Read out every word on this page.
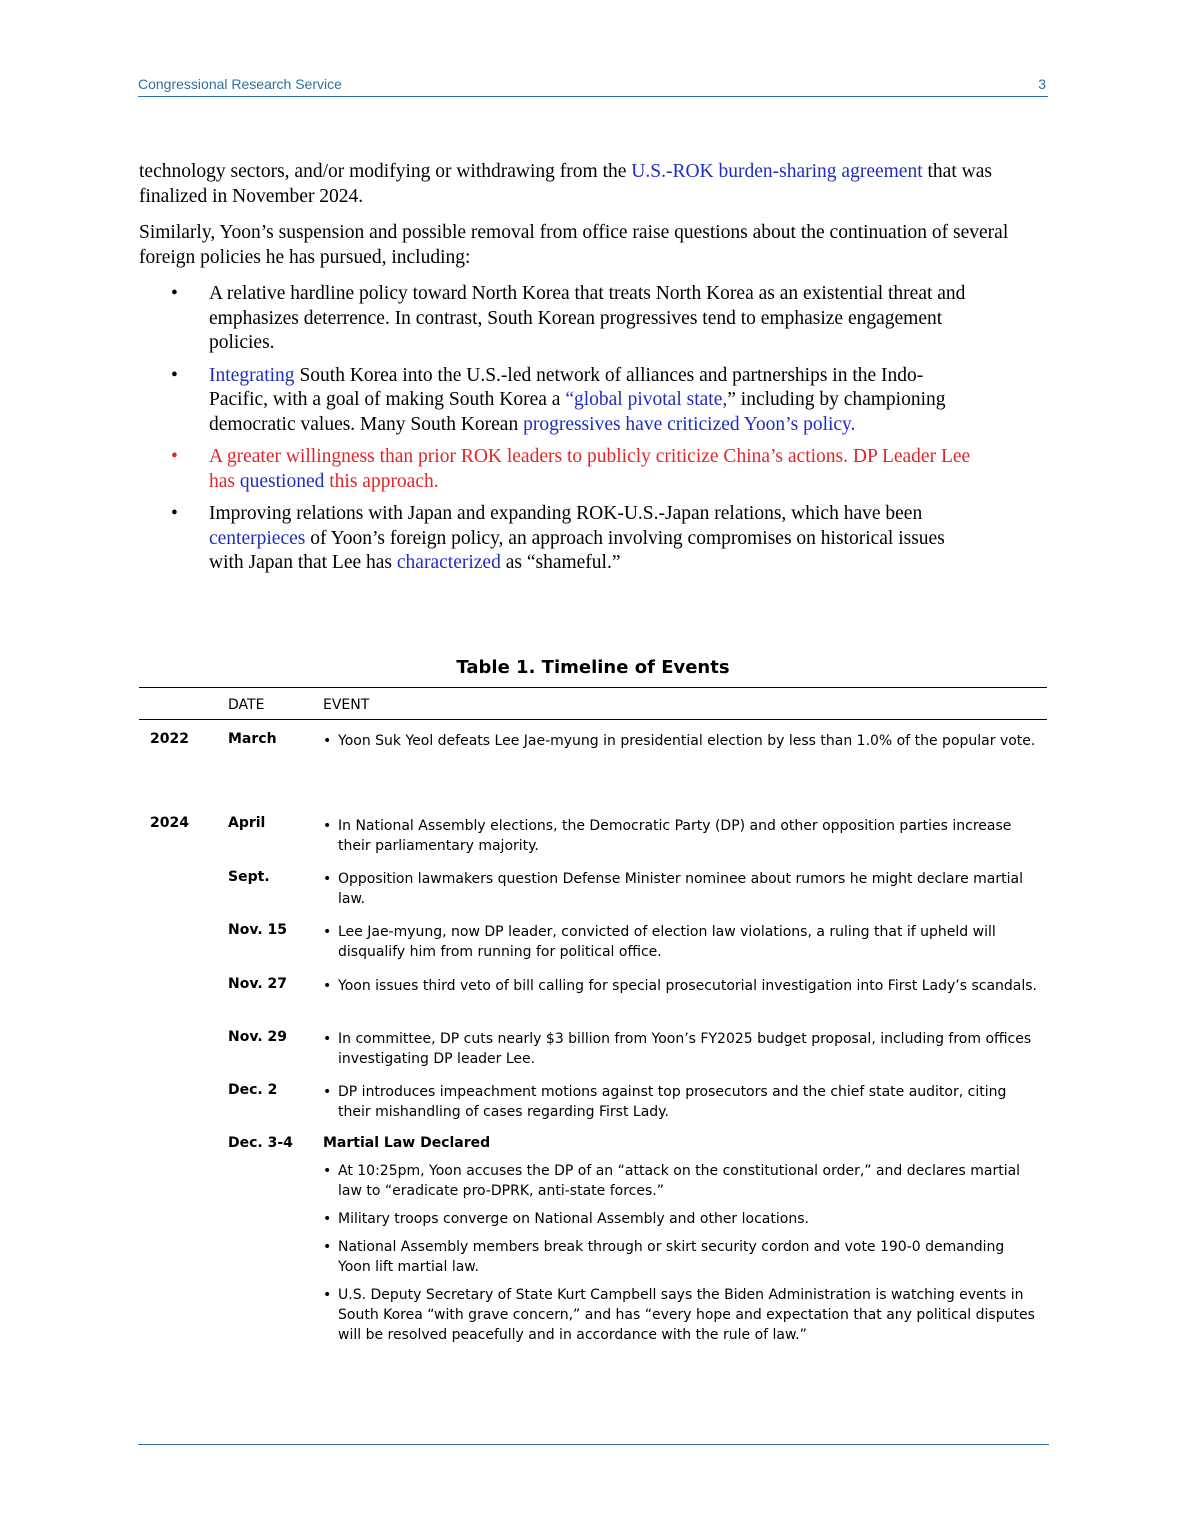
Congressional Research Service	3

technology sectors, and/or modifying or withdrawing from the U.S.-ROK burden-sharing agreement that was finalized in November 2024.

Similarly, Yoon’s suspension and possible removal from office raise questions about the continuation of several foreign policies he has pursued, including:

• A relative hardline policy toward North Korea that treats North Korea as an existential threat and emphasizes deterrence. In contrast, South Korean progressives tend to emphasize engagement policies.
• Integrating South Korea into the U.S.-led network of alliances and partnerships in the Indo-Pacific, with a goal of making South Korea a “global pivotal state,” including by championing democratic values. Many South Korean progressives have criticized Yoon’s policy.
• A greater willingness than prior ROK leaders to publicly criticize China’s actions. DP Leader Lee has questioned this approach.
• Improving relations with Japan and expanding ROK-U.S.-Japan relations, which have been centerpieces of Yoon’s foreign policy, an approach involving compromises on historical issues with Japan that Lee has characterized as “shameful.”
Table 1. Timeline of Events
DATE	EVENT
2022	March	• Yoon Suk Yeol defeats Lee Jae-myung in presidential election by less than 1.0% of the popular vote.
2024	April	• In National Assembly elections, the Democratic Party (DP) and other opposition parties increase their parliamentary majority.
Sept.	• Opposition lawmakers question Defense Minister nominee about rumors he might declare martial law.
Nov. 15	• Lee Jae-myung, now DP leader, convicted of election law violations, a ruling that if upheld will disqualify him from running for political office.
Nov. 27	• Yoon issues third veto of bill calling for special prosecutorial investigation into First Lady’s scandals.
Nov. 29	• In committee, DP cuts nearly $3 billion from Yoon’s FY2025 budget proposal, including from offices investigating DP leader Lee.
Dec. 2	• DP introduces impeachment motions against top prosecutors and the chief state auditor, citing their mishandling of cases regarding First Lady.
Dec. 3-4 Martial Law Declared
• At 10:25pm, Yoon accuses the DP of an “attack on the constitutional order,” and declares martial law to “eradicate pro-DPRK, anti-state forces.”
• Military troops converge on National Assembly and other locations.
• National Assembly members break through or skirt security cordon and vote 190-0 demanding Yoon lift martial law.
• U.S. Deputy Secretary of State Kurt Campbell says the Biden Administration is watching events in South Korea “with grave concern,” and has “every hope and expectation that any political disputes will be resolved peacefully and in accordance with the rule of law.”
